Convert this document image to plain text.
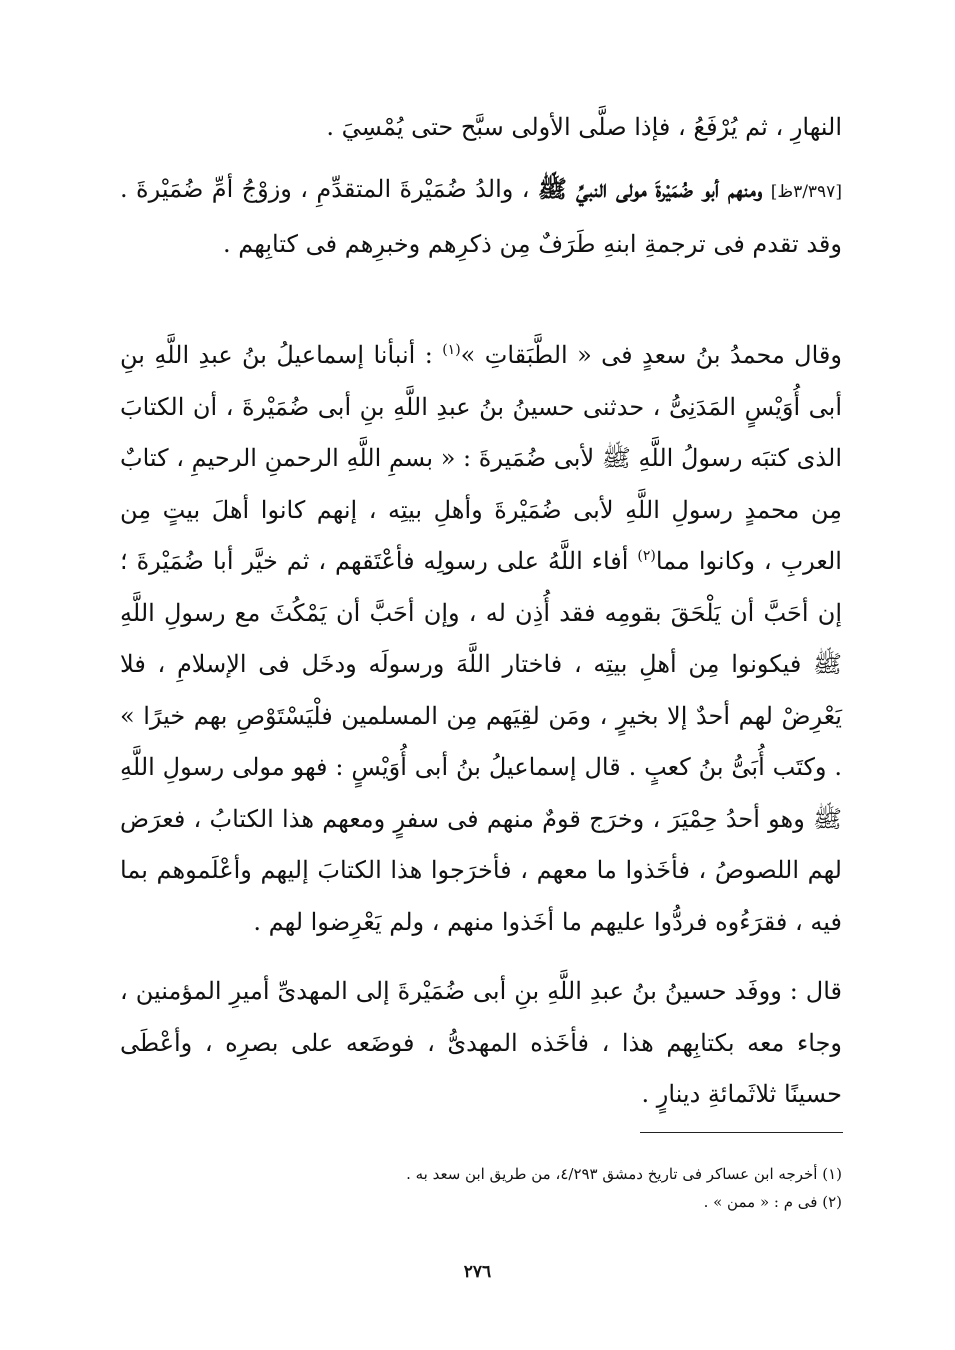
النهارِ ، ثم يُرْفَعُ ، فإذا صلَّى الأولى سبَّح حتى يُمْسِيَ .
[٣/٣٩٧ظ] ومنهم أبو ضُمَيْرةَ مولى النبيِّ ﷺ ، والدُ ضُمَيْرةَ المتقدِّمِ ، وزوْجُ أمِّ ضُمَيْرةَ . وقد تقدم فى ترجمةِ ابنهِ طَرَفٌ مِن ذكرِهم وخبرِهم فى كتابِهم .
وقال محمدُ بنُ سعدٍ فى « الطَّبَقاتِ »$^{(١)}$ : أنبأنا إسماعيلُ بنُ عبدِ اللَّهِ بنِ أبى أُوَيْسٍ المَدَنِىُّ ، حدثنى حسينُ بنُ عبدِ اللَّهِ بنِ أبى ضُمَيْرةَ ، أن الكتابَ الذى كتبَه رسولُ اللَّهِ ﷺ لأبى ضُمَيرةَ : « بسمِ اللَّهِ الرحمنِ الرحيمِ ، كتابٌ مِن محمدٍ رسولِ اللَّهِ لأبى ضُمَيْرةَ وأهلِ بيتِه ، إنهم كانوا أهلَ بيتٍ مِن العربِ ، وكانوا مما$^{(٢)}$ أفاء اللَّهُ على رسولِه فأعْتَقهم ، ثم خيَّر أبا ضُمَيْرةَ ؛ إن أحَبَّ أن يَلْحَقَ بقومِه فقد أُذِن له ، وإن أحَبَّ أن يَمْكُثَ مع رسولِ اللَّهِ ﷺ فيكونوا مِن أهلِ بيتِه ، فاختار اللَّهَ ورسولَه ودخَل فى الإسلامِ ، فلا يَعْرِضْ لهم أحدٌ إلا بخيرٍ ، ومَن لقِيَهم مِن المسلمين فلْيَسْتَوْصِ بهم خيرًا » . وكتَب أُبَىُّ بنُ كعبٍ . قال إسماعيلُ بنُ أبى أُوَيْسٍ : فهو مولى رسولِ اللَّهِ ﷺ وهو أحدُ حِمْيَرَ ، وخرَج قومٌ منهم فى سفرٍ ومعهم هذا الكتابُ ، فعرَض لهم اللصوصُ ، فأخَذوا ما معهم ، فأخرَجوا هذا الكتابَ إليهم وأعْلَموهم بما فيه ، فقرَءُوه فردُّوا عليهم ما أخَذوا منهم ، ولم يَعْرِضوا لهم .
قال : ووفَد حسينُ بنُ عبدِ اللَّهِ بنِ أبى ضُمَيْرةَ إلى المهدىِّ أميرِ المؤمنين ، وجاء معه بكتابِهم هذا ، فأخَذه المهدىُّ ، فوضَعه على بصرِه ، وأعْطَى حسينًا ثلاثَمائةِ دينارٍ .
(١) أخرجه ابن عساكر فى تاريخ دمشق ٤/٢٩٣، من طريق ابن سعد به .
(٢) فى م : « ممن » .
٢٧٦
